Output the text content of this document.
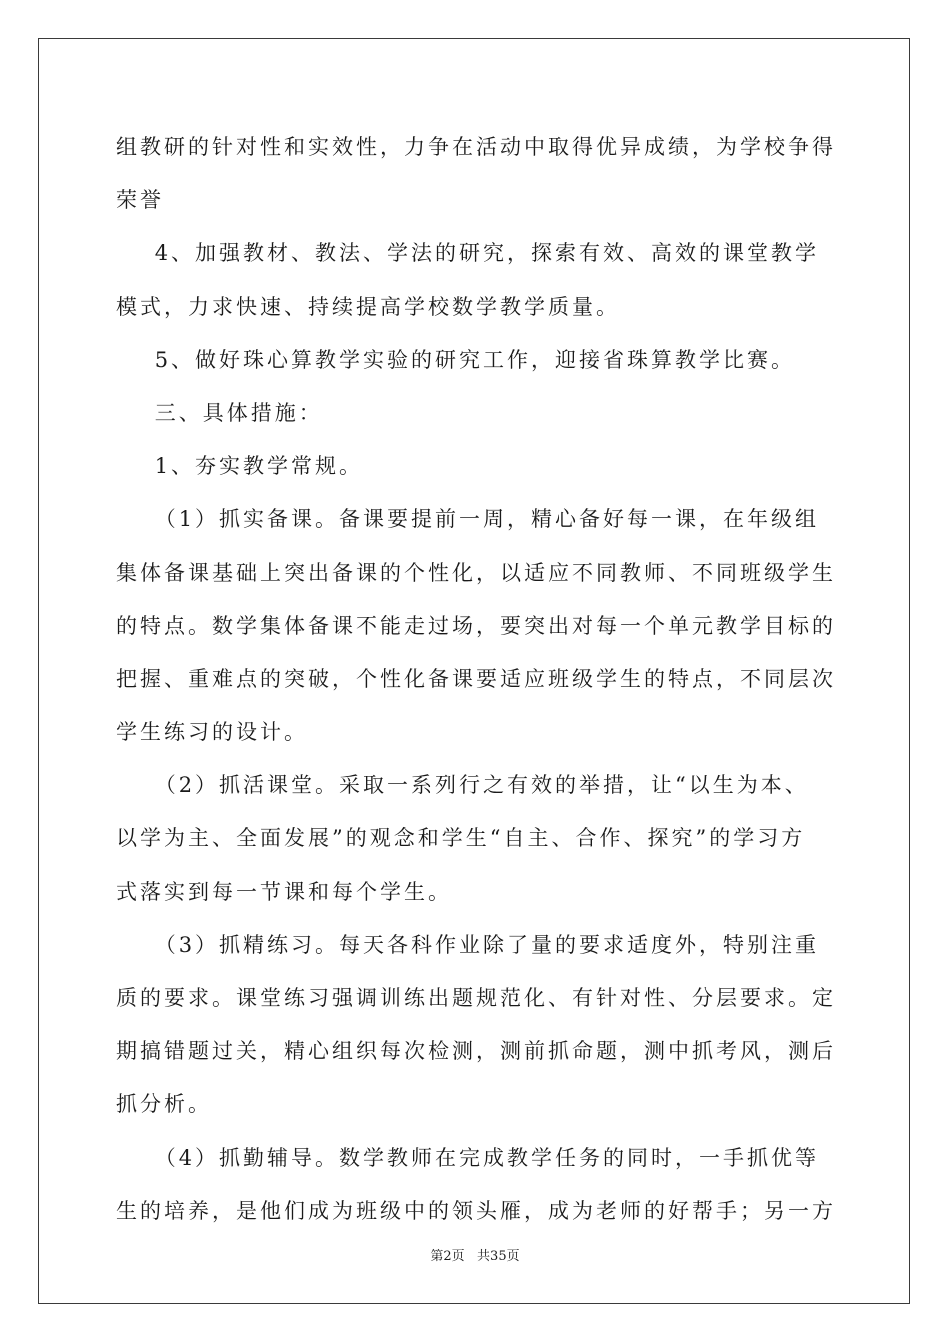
组教研的针对性和实效性，力争在活动中取得优异成绩，为学校争得
荣誉
4、加强教材、教法、学法的研究，探索有效、高效的课堂教学
模式，力求快速、持续提高学校数学教学质量。
5、做好珠心算教学实验的研究工作，迎接省珠算教学比赛。
三、具体措施：
1、夯实教学常规。
（1）抓实备课。备课要提前一周，精心备好每一课，在年级组
集体备课基础上突出备课的个性化，以适应不同教师、不同班级学生
的特点。数学集体备课不能走过场，要突出对每一个单元教学目标的
把握、重难点的突破，个性化备课要适应班级学生的特点，不同层次
学生练习的设计。
（2）抓活课堂。采取一系列行之有效的举措，让“以生为本、
以学为主、全面发展”的观念和学生“自主、合作、探究”的学习方
式落实到每一节课和每个学生。
（3）抓精练习。每天各科作业除了量的要求适度外，特别注重
质的要求。课堂练习强调训练出题规范化、有针对性、分层要求。定
期搞错题过关，精心组织每次检测，测前抓命题，测中抓考风，测后
抓分析。
（4）抓勤辅导。数学教师在完成教学任务的同时，一手抓优等
生的培养，是他们成为班级中的领头雁，成为老师的好帮手；另一方
第2页   共35页
